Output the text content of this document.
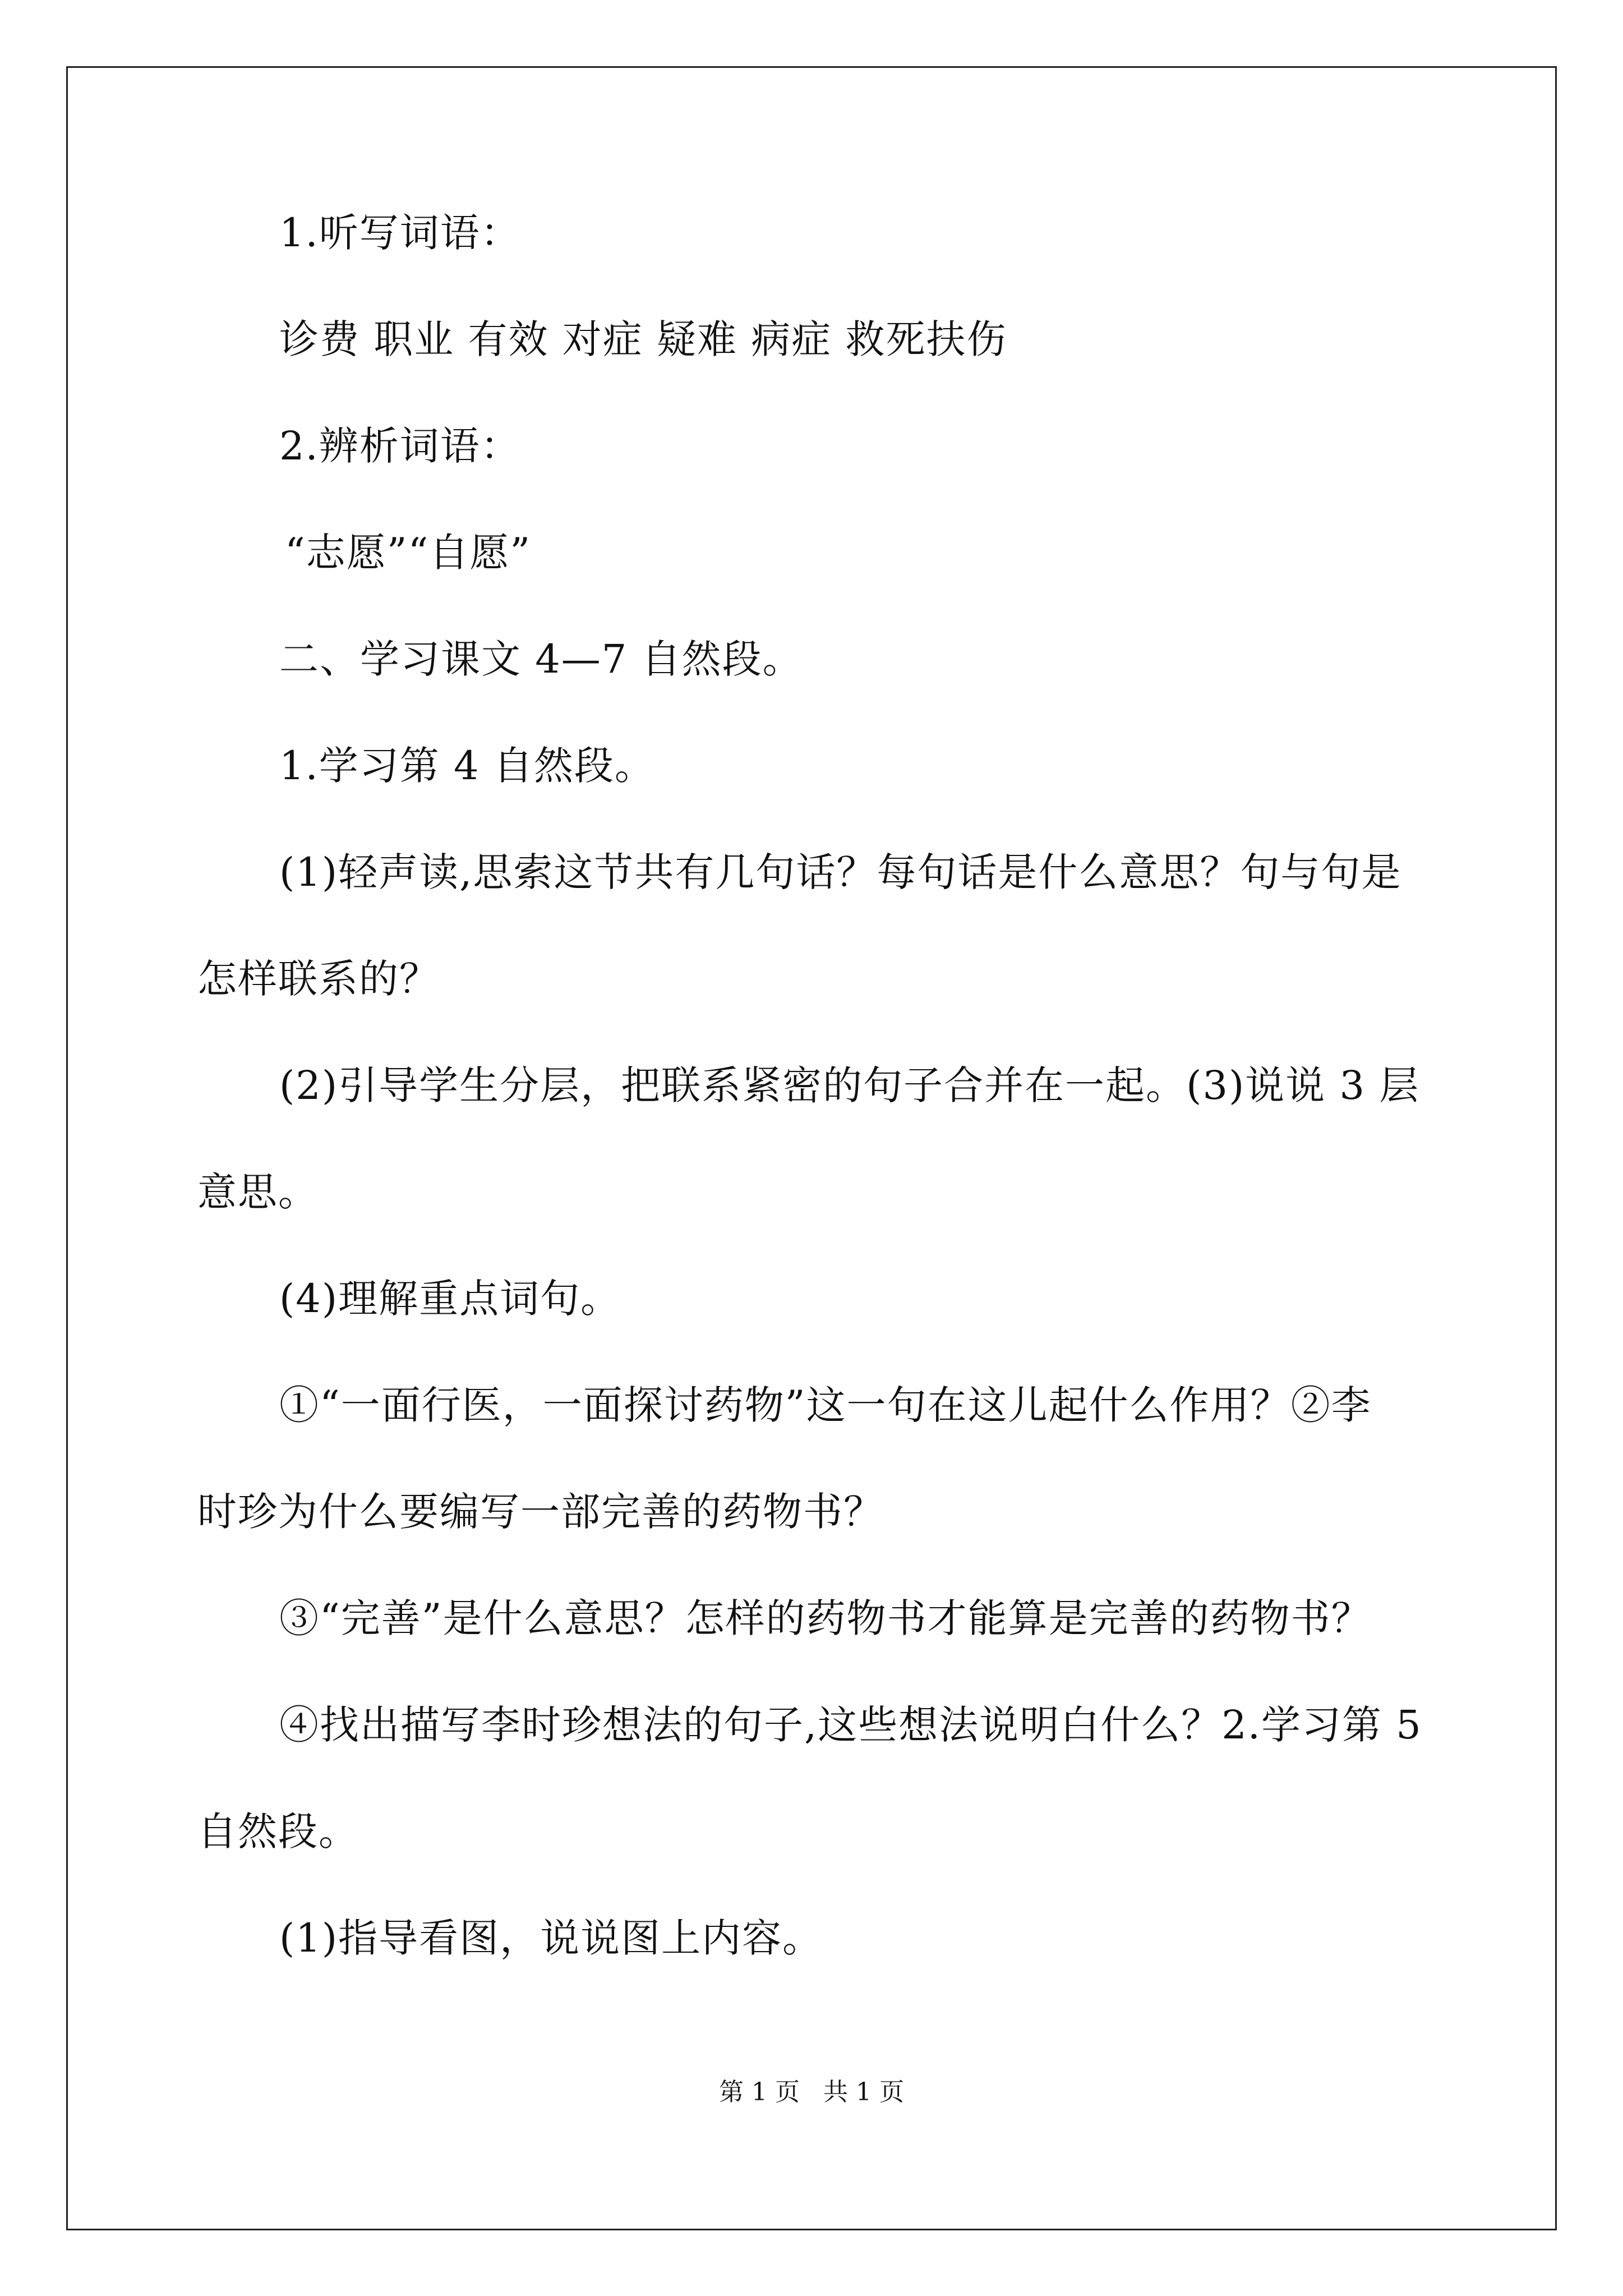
1.听写词语：
诊费 职业 有效 对症 疑难 病症 救死扶伤
2.辨析词语：
“志愿”“自愿”
二、学习课文 4—7 自然段。
1.学习第 4 自然段。
(1)轻声读,思索这节共有几句话？每句话是什么意思？句与句是
怎样联系的？
(2)引导学生分层，把联系紧密的句子合并在一起。(3)说说 3 层
意思。
(4)理解重点词句。
①“一面行医，一面探讨药物”这一句在这儿起什么作用？②李
时珍为什么要编写一部完善的药物书？
③“完善”是什么意思？怎样的药物书才能算是完善的药物书？
④找出描写李时珍想法的句子,这些想法说明白什么？2.学习第 5
自然段。
(1)指导看图，说说图上内容。
第 1 页   共 1 页
